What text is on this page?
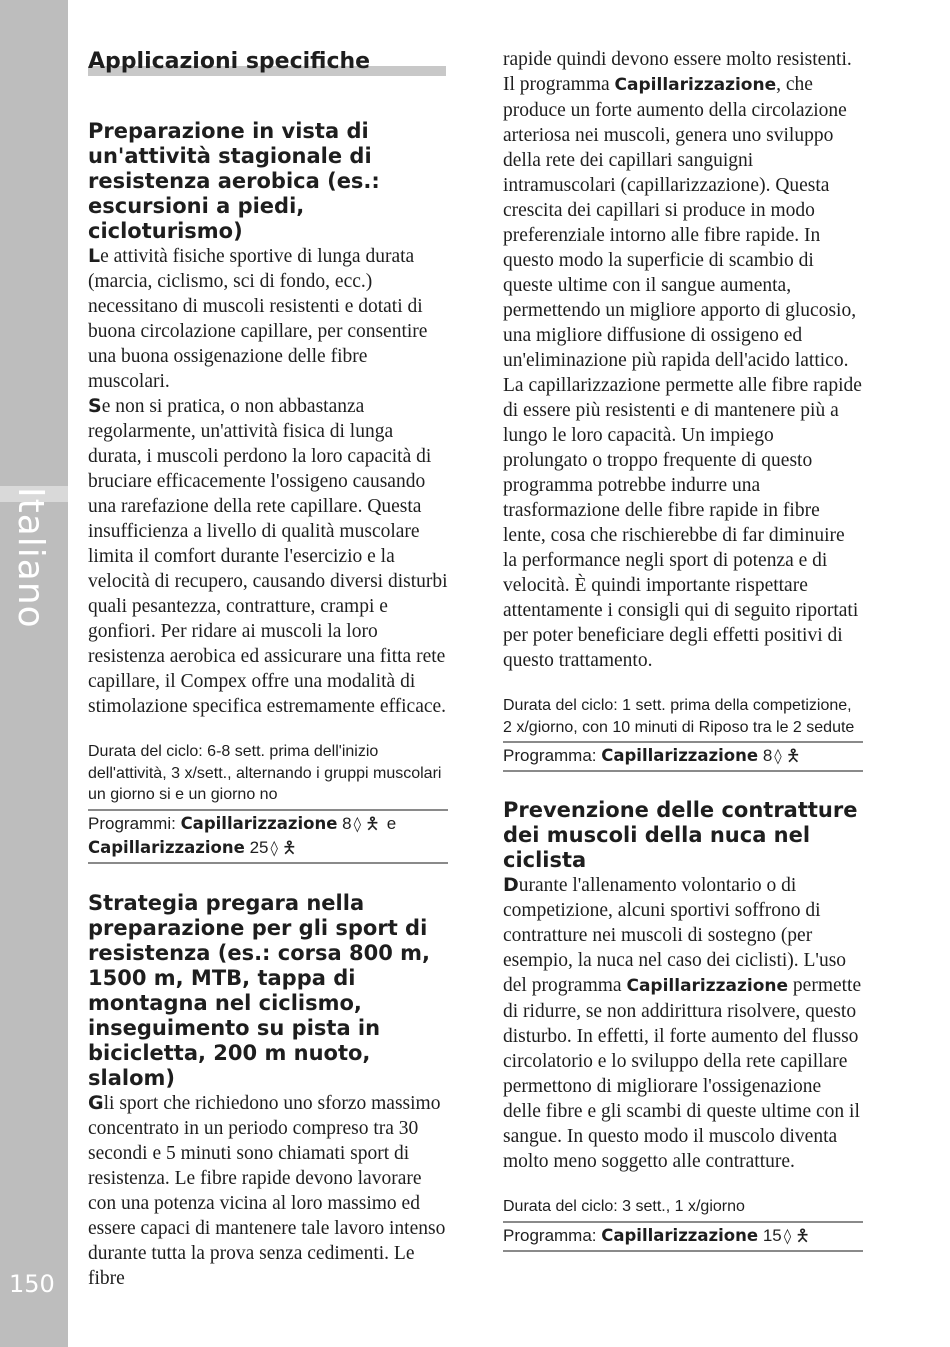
Italiano
150
Applicazioni specifiche
Preparazione in vista di un'attività stagionale di resistenza aerobica (es.: escursioni a piedi, cicloturismo)

Le attività fisiche sportive di lunga durata (marcia, ciclismo, sci di fondo, ecc.) necessitano di muscoli resistenti e dotati di buona circolazione capillare, per consentire una buona ossigenazione delle fibre muscolari.

Se non si pratica, o non abbastanza regolarmente, un'attività fisica di lunga durata, i muscoli perdono la loro capacità di bruciare efficacemente l'ossigeno causando una rarefazione della rete capillare. Questa insufficienza a livello di qualità muscolare limita il comfort durante l'esercizio e la velocità di recupero, causando diversi disturbi quali pesantezza, contratture, crampi e gonfiori. Per ridare ai muscoli la loro resistenza aerobica ed assicurare una fitta rete capillare, il Compex offre una modalità di stimolazione specifica estremamente efficace.

Durata del ciclo: 6-8 sett. prima dell'inizio dell'attività, 3 x/sett., alternando i gruppi muscolari un giorno si e un giorno no

Programmi: Capillarizzazione 8 ◊ 🯅 e
Capillarizzazione 25 ◊ 🯅

Strategia pregara nella preparazione per gli sport di resistenza (es.: corsa 800 m, 1500 m, MTB, tappa di montagna nel ciclismo, inseguimento su pista in bicicletta, 200 m nuoto, slalom)

Gli sport che richiedono uno sforzo massimo concentrato in un periodo compreso tra 30 secondi e 5 minuti sono chiamati sport di resistenza. Le fibre rapide devono lavorare con una potenza vicina al loro massimo ed essere capaci di mantenere tale lavoro intenso durante tutta la prova senza cedimenti. Le fibre

rapide quindi devono essere molto resistenti. Il programma Capillarizzazione, che produce un forte aumento della circolazione arteriosa nei muscoli, genera uno sviluppo della rete dei capillari sanguigni intramuscolari (capillarizzazione). Questa crescita dei capillari si produce in modo preferenziale intorno alle fibre rapide. In questo modo la superficie di scambio di queste ultime con il sangue aumenta, permettendo un migliore apporto di glucosio, una migliore diffusione di ossigeno ed un'eliminazione più rapida dell'acido lattico. La capillarizzazione permette alle fibre rapide di essere più resistenti e di mantenere più a lungo le loro capacità. Un impiego prolungato o troppo frequente di questo programma potrebbe indurre una trasformazione delle fibre rapide in fibre lente, cosa che rischierebbe di far diminuire la performance negli sport di potenza e di velocità. È quindi importante rispettare attentamente i consigli qui di seguito riportati per poter beneficiare degli effetti positivi di questo trattamento.

Durata del ciclo: 1 sett. prima della competizione, 2 x/giorno, con 10 minuti di Riposo tra le 2 sedute

Programma: Capillarizzazione 8 ◊ 🯅

Prevenzione delle contratture dei muscoli della nuca nel ciclista

Durante l'allenamento volontario o di competizione, alcuni sportivi soffrono di contratture nei muscoli di sostegno (per esempio, la nuca nel caso dei ciclisti). L'uso del programma Capillarizzazione permette di ridurre, se non addirittura risolvere, questo disturbo. In effetti, il forte aumento del flusso circolatorio e lo sviluppo della rete capillare permettono di migliorare l'ossigenazione delle fibre e gli scambi di queste ultime con il sangue. In questo modo il muscolo diventa molto meno soggetto alle contratture.

Durata del ciclo: 3 sett., 1 x/giorno

Programma: Capillarizzazione 15 ◊ 🯅
